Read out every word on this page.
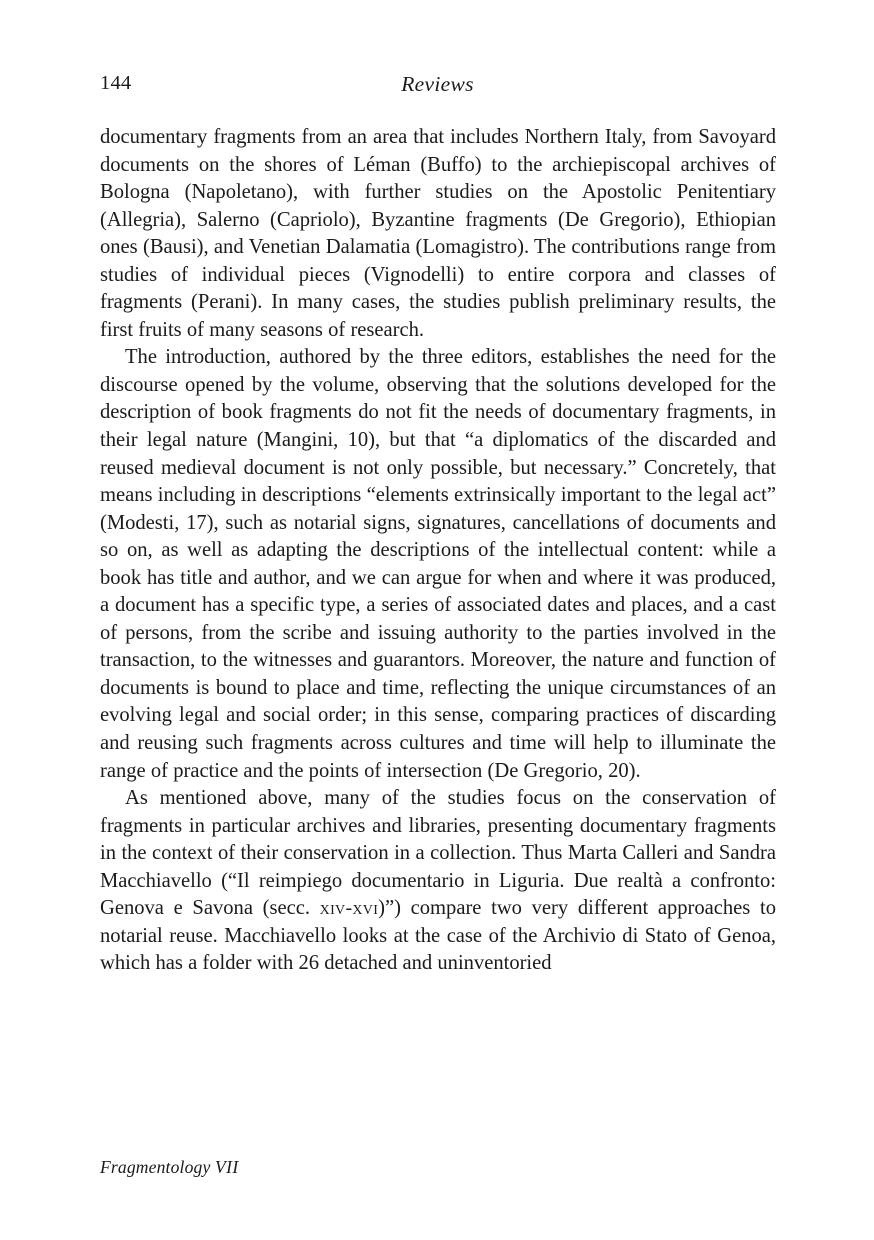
144	Reviews

documentary fragments from an area that includes Northern Italy, from Savoyard documents on the shores of Léman (Buffo) to the archiepiscopal archives of Bologna (Napoletano), with further studies on the Apostolic Penitentiary (Allegria), Salerno (Capriolo), Byzantine fragments (De Gregorio), Ethiopian ones (Bausi), and Venetian Dalamatia (Lomagistro). The contributions range from studies of individual pieces (Vignodelli) to entire corpora and classes of fragments (Perani). In many cases, the studies publish preliminary results, the first fruits of many seasons of research.

The introduction, authored by the three editors, establishes the need for the discourse opened by the volume, observing that the solutions developed for the description of book fragments do not fit the needs of documentary fragments, in their legal nature (Mangini, 10), but that “a diplomatics of the discarded and reused medieval document is not only possible, but necessary.” Concretely, that means including in descriptions “elements extrinsically important to the legal act” (Modesti, 17), such as notarial signs, signatures, cancellations of documents and so on, as well as adapting the descriptions of the intellectual content: while a book has title and author, and we can argue for when and where it was produced, a document has a specific type, a series of associated dates and places, and a cast of persons, from the scribe and issuing authority to the parties involved in the transaction, to the witnesses and guarantors. Moreover, the nature and function of documents is bound to place and time, reflecting the unique circumstances of an evolving legal and social order; in this sense, comparing practices of discarding and reusing such fragments across cultures and time will help to illuminate the range of practice and the points of intersection (De Gregorio, 20).

As mentioned above, many of the studies focus on the conservation of fragments in particular archives and libraries, presenting documentary fragments in the context of their conservation in a collection. Thus Marta Calleri and Sandra Macchiavello (“Il reimpiego documentario in Liguria. Due realtà a confronto: Genova e Savona (secc. xiv-xvi)”) compare two very different approaches to notarial reuse. Macchiavello looks at the case of the Archivio di Stato of Genoa, which has a folder with 26 detached and uninventoried

Fragmentology VII
